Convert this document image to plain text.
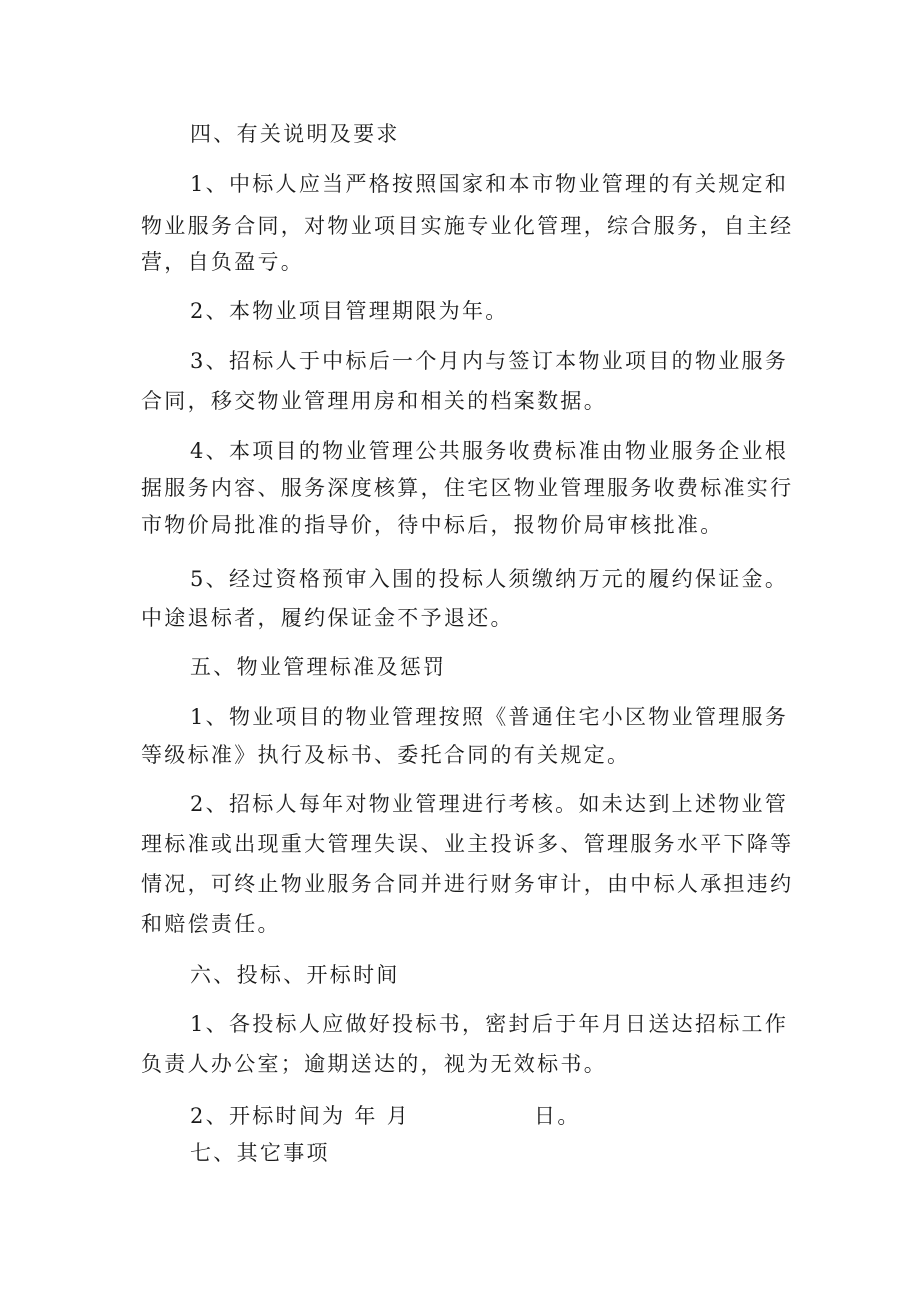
四、有关说明及要求

1、中标人应当严格按照国家和本市物业管理的有关规定和

物业服务合同，对物业项目实施专业化管理，综合服务，自主经

营，自负盈亏。

2、本物业项目管理期限为年。

3、招标人于中标后一个月内与签订本物业项目的物业服务

合同，移交物业管理用房和相关的档案数据。

4、本项目的物业管理公共服务收费标准由物业服务企业根

据服务内容、服务深度核算，住宅区物业管理服务收费标准实行

市物价局批准的指导价，待中标后，报物价局审核批准。

5、经过资格预审入围的投标人须缴纳万元的履约保证金。

中途退标者，履约保证金不予退还。

五、物业管理标准及惩罚

1、物业项目的物业管理按照《普通住宅小区物业管理服务

等级标准》执行及标书、委托合同的有关规定。

2、招标人每年对物业管理进行考核。如未达到上述物业管

理标准或出现重大管理失误、业主投诉多、管理服务水平下降等

情况，可终止物业服务合同并进行财务审计，由中标人承担违约

和赔偿责任。

六、投标、开标时间

1、各投标人应做好投标书，密封后于年月日送达招标工作

负责人办公室；逾期送达的，视为无效标书。

2、开标时间为 年 月	日。

七、其它事项
